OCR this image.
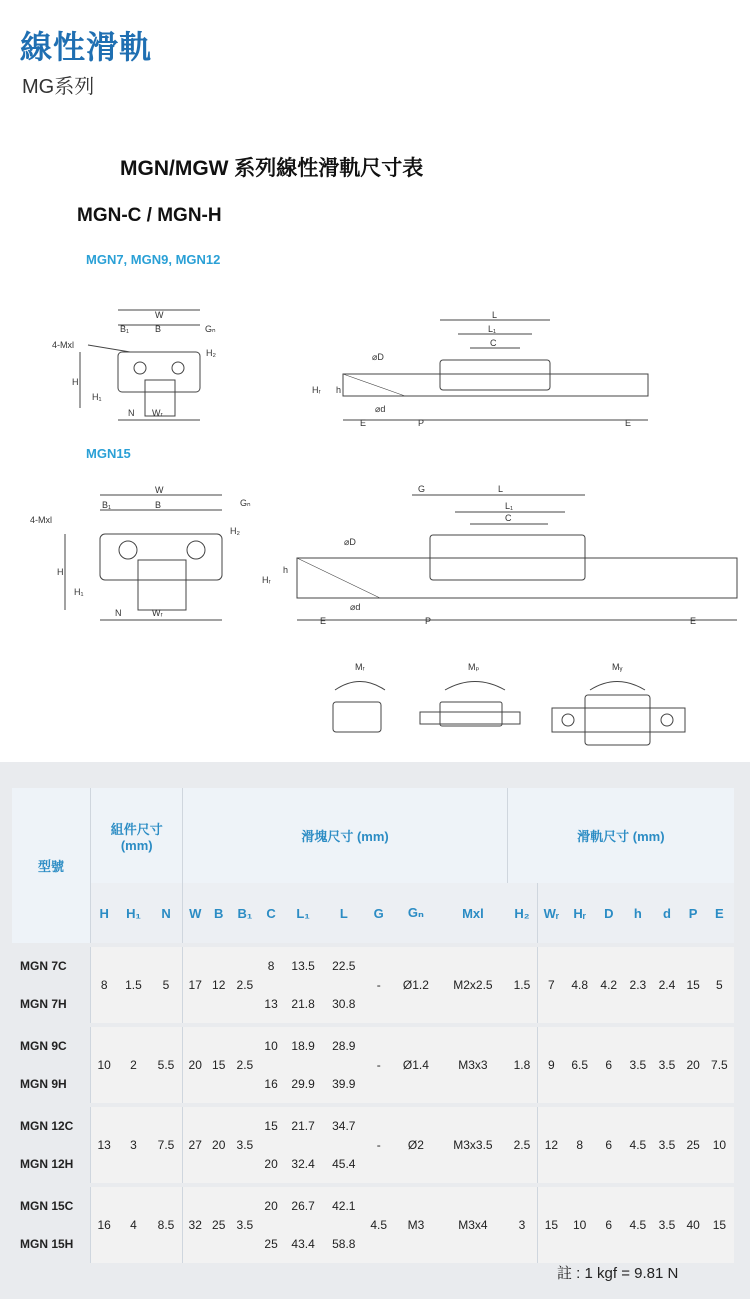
線性滑軌
MG系列
MGN/MGW 系列線性滑軌尺寸表
MGN-C / MGN-H
MGN7, MGN9, MGN12
MGN15
W
B₁	B	Gₙ
4-Mxl
H
H₁
H₂
N Wᵣ
L
L₁
C
⌀D
⌀d
Hᵣ h
E	P	E
W
B₁	B	Gₙ
4-Mxl
H
H₁
H₂
N	Wᵣ
G	L
L₁
C
⌀D
⌀d
Hᵣ
h
E	P	E
Mᵣ	Mₚ	Mᵧ
型號	組件尺寸
(mm)			滑塊尺寸 (mm)									滑軌尺寸 (mm)							
	H	H₁	N	W	B	B₁	C	L₁	L	G	Gₙ	Mxl	H₂	Wᵣ	Hᵣ	D	h	d	P	E
MGN 7C	8	1.5	5	17	12	2.5	8	13.5	22.5	-	Ø1.2	M2x2.5	1.5	7	4.8	4.2	2.3	2.4	15	5
MGN 7H							13	21.8	30.8											
MGN 9C	10	2	5.5	20	15	2.5	10	18.9	28.9	-	Ø1.4	M3x3	1.8	9	6.5	6	3.5	3.5	20	7.5
MGN 9H							16	29.9	39.9											
MGN 12C	13	3	7.5	27	20	3.5	15	21.7	34.7	-	Ø2	M3x3.5	2.5	12	8	6	4.5	3.5	25	10
MGN 12H							20	32.4	45.4											
MGN 15C	16	4	8.5	32	25	3.5	20	26.7	42.1	4.5	M3	M3x4	3	15	10	6	4.5	3.5	40	15
MGN 15H							25	43.4	58.8											
註 : 1 kgf = 9.81 N
